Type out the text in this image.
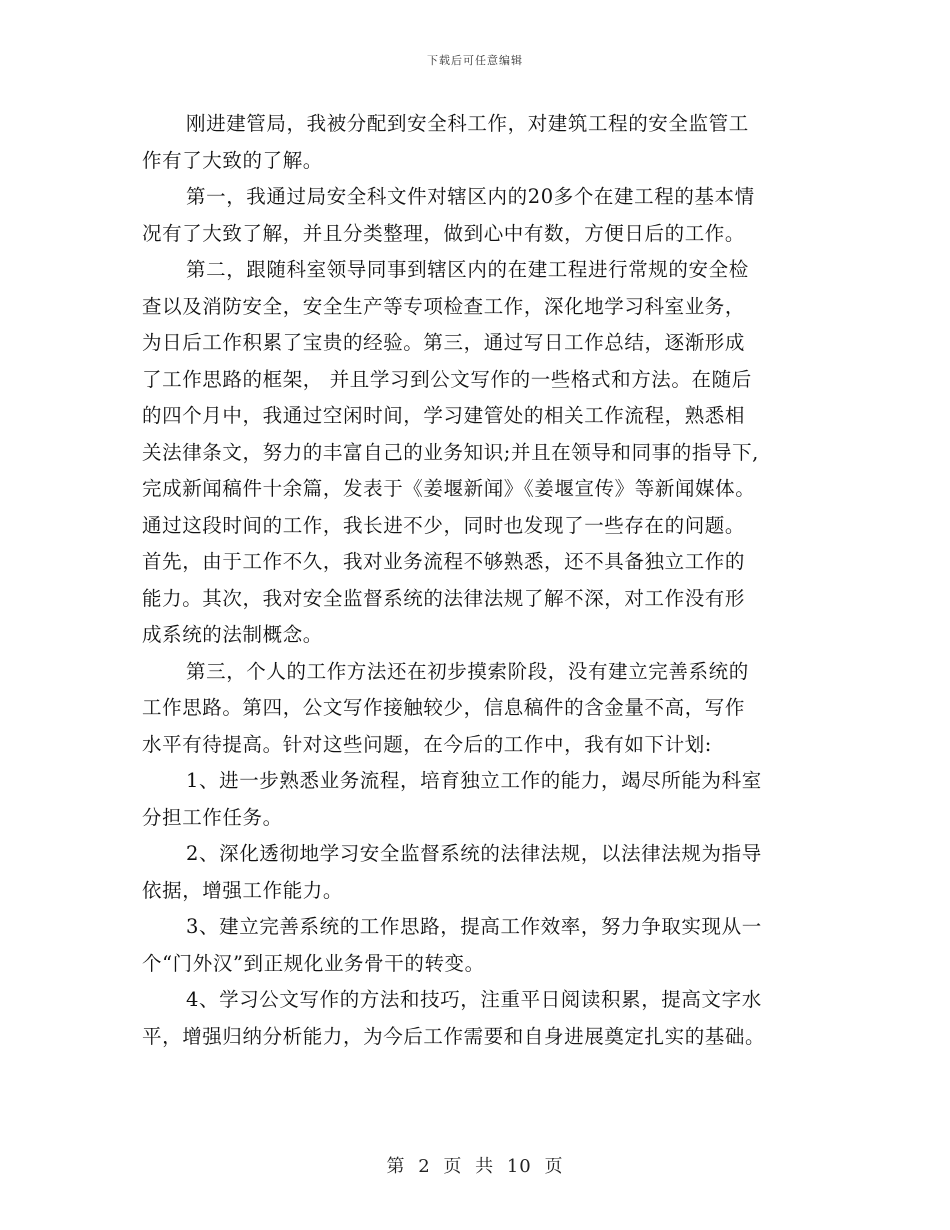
下载后可任意编辑
刚进建管局，我被分配到安全科工作，对建筑工程的安全监管工
作有了大致的了解。
第一，我通过局安全科文件对辖区内的20多个在建工程的基本情
况有了大致了解，并且分类整理，做到心中有数，方便日后的工作。
第二，跟随科室领导同事到辖区内的在建工程进行常规的安全检
查以及消防安全，安全生产等专项检查工作，深化地学习科室业务，
为日后工作积累了宝贵的经验。第三，通过写日工作总结，逐渐形成
了工作思路的框架， 并且学习到公文写作的一些格式和方法。在随后
的四个月中，我通过空闲时间，学习建管处的相关工作流程，熟悉相
关法律条文，努力的丰富自己的业务知识;并且在领导和同事的指导下,
完成新闻稿件十余篇，发表于《姜堰新闻》《姜堰宣传》等新闻媒体。
通过这段时间的工作，我长进不少，同时也发现了一些存在的问题。
首先，由于工作不久，我对业务流程不够熟悉，还不具备独立工作的
能力。其次，我对安全监督系统的法律法规了解不深，对工作没有形
成系统的法制概念。
第三，个人的工作方法还在初步摸索阶段，没有建立完善系统的
工作思路。第四，公文写作接触较少，信息稿件的含金量不高，写作
水平有待提高。针对这些问题，在今后的工作中，我有如下计划:
1、进一步熟悉业务流程，培育独立工作的能力，竭尽所能为科室
分担工作任务。
2、深化透彻地学习安全监督系统的法律法规，以法律法规为指导
依据，增强工作能力。
3、建立完善系统的工作思路，提高工作效率，努力争取实现从一
个“门外汉”到正规化业务骨干的转变。
4、学习公文写作的方法和技巧，注重平日阅读积累，提高文字水
平，增强归纳分析能力，为今后工作需要和自身进展奠定扎实的基础。
第 2 页 共 10 页
